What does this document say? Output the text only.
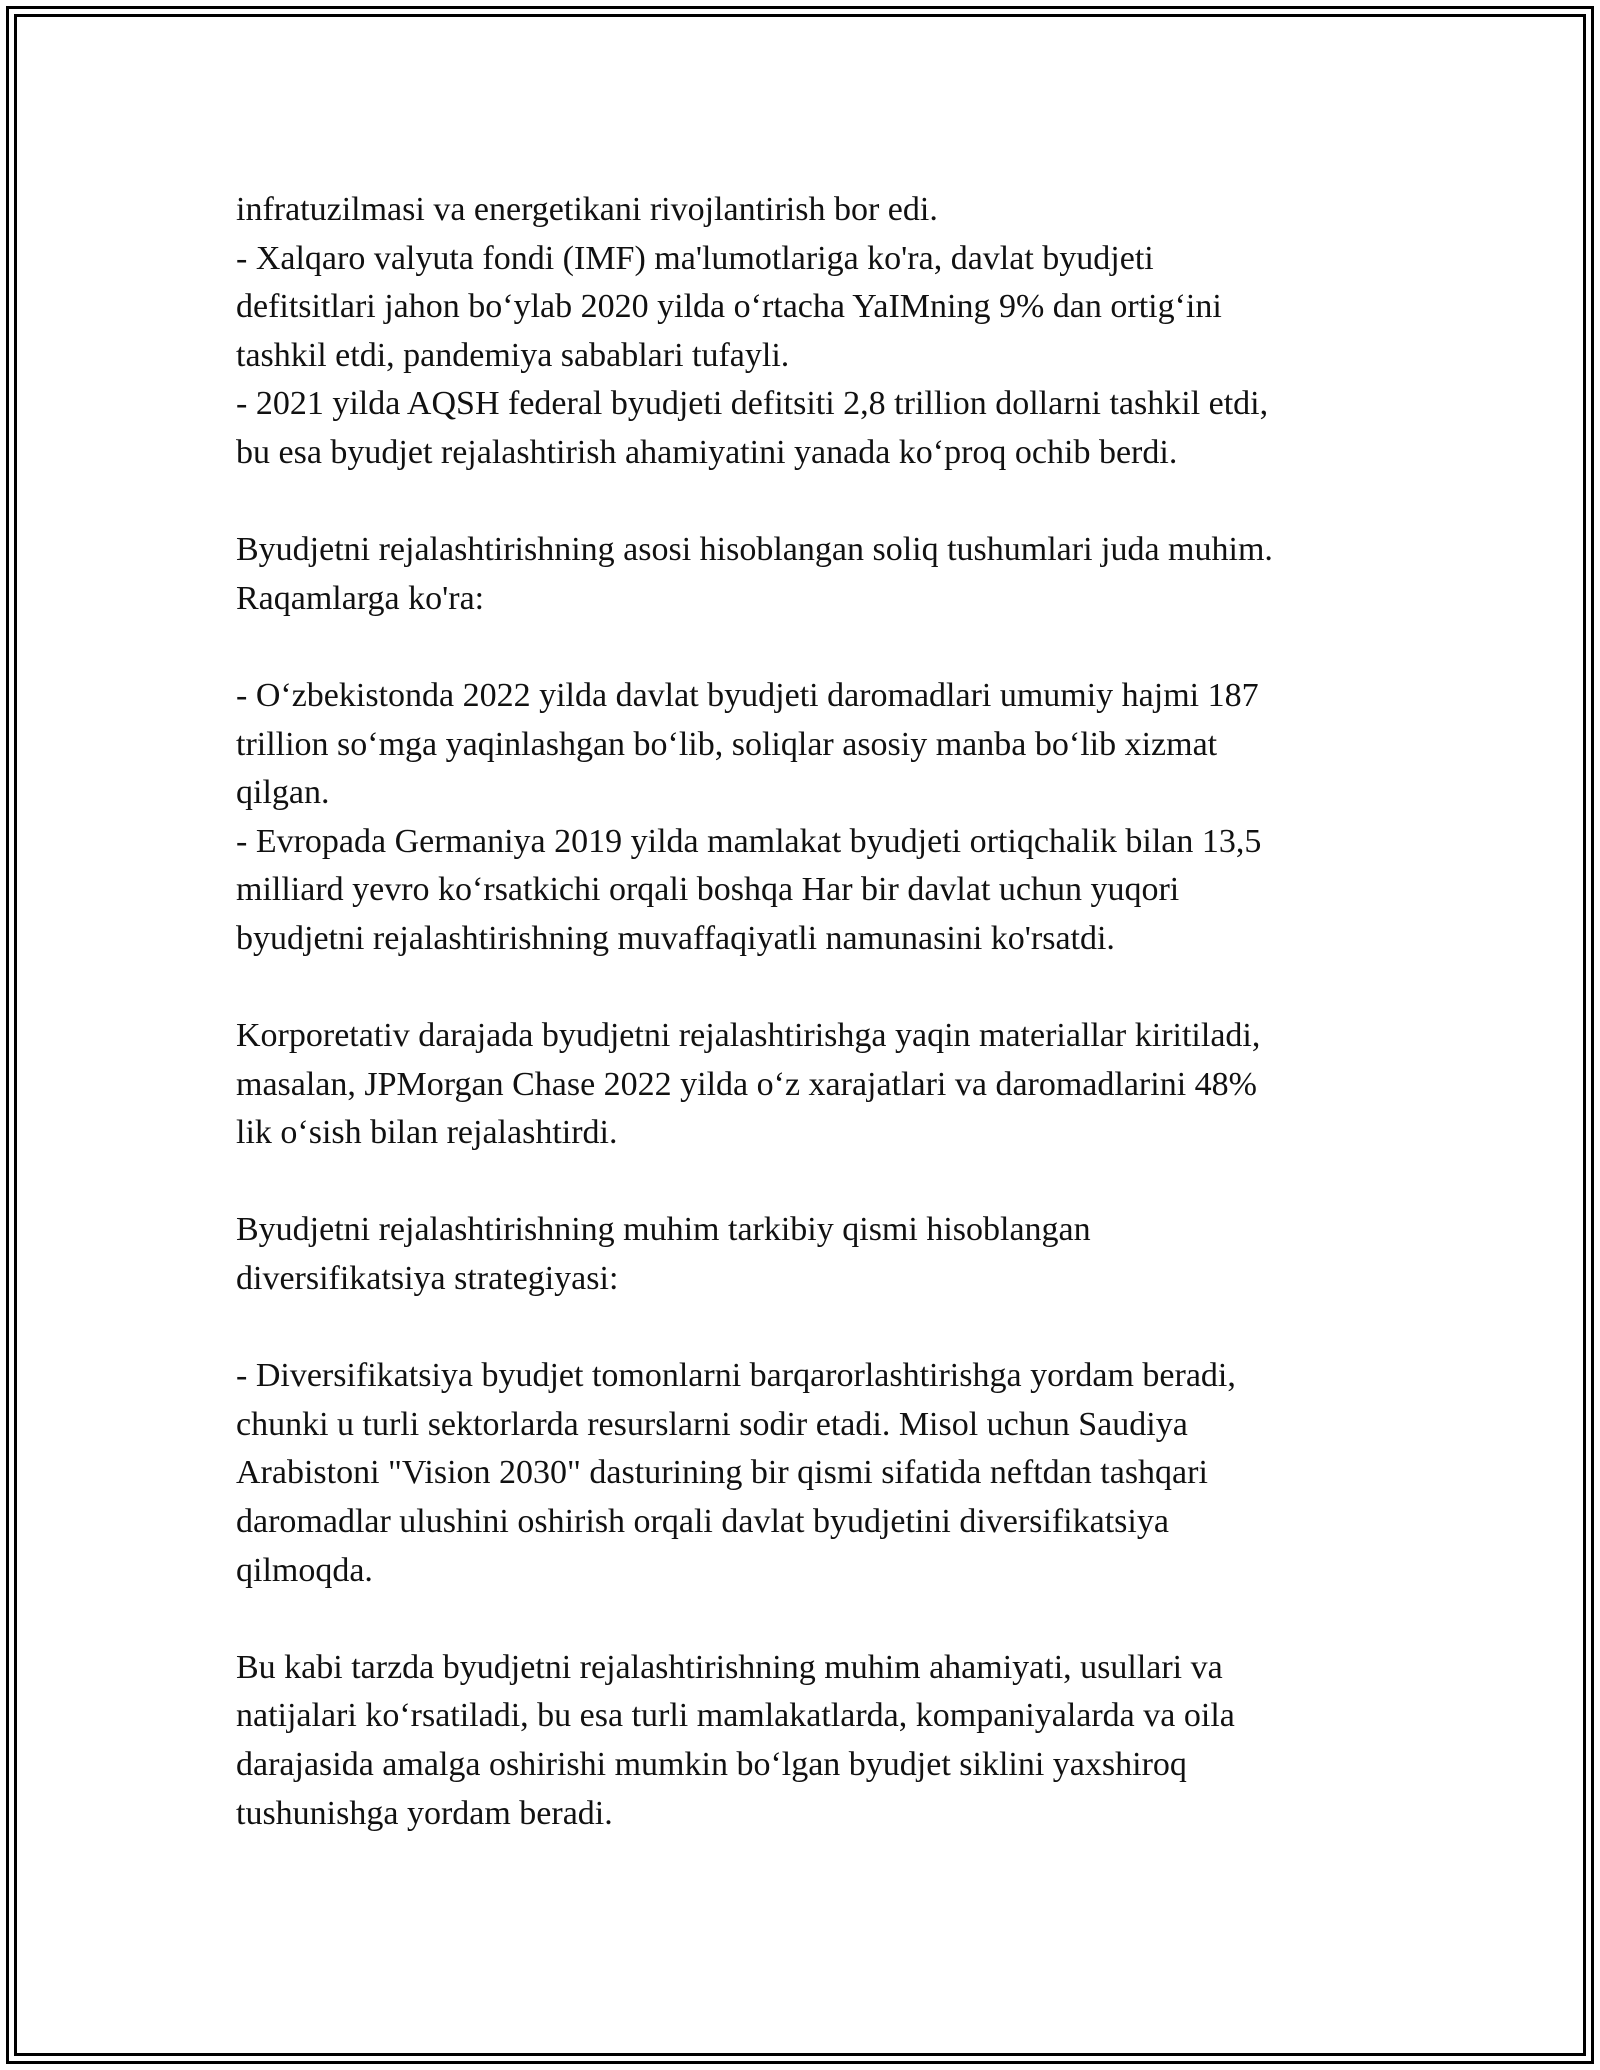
infratuzilmasi va energetikani rivojlantirish bor edi.
- Xalqaro valyuta fondi (IMF) ma'lumotlariga ko'ra, davlat byudjeti
defitsitlari jahon bo‘ylab 2020 yilda o‘rtacha YaIMning 9% dan ortig‘ini
tashkil etdi, pandemiya sabablari tufayli.
- 2021 yilda AQSH federal byudjeti defitsiti 2,8 trillion dollarni tashkil etdi,
bu esa byudjet rejalashtirish ahamiyatini yanada ko‘proq ochib berdi.
Byudjetni rejalashtirishning asosi hisoblangan soliq tushumlari juda muhim.
Raqamlarga ko'ra:
- O‘zbekistonda 2022 yilda davlat byudjeti daromadlari umumiy hajmi 187
trillion so‘mga yaqinlashgan bo‘lib, soliqlar asosiy manba bo‘lib xizmat
qilgan.
- Evropada Germaniya 2019 yilda mamlakat byudjeti ortiqchalik bilan 13,5
milliard yevro ko‘rsatkichi orqali boshqa Har bir davlat uchun yuqori
byudjetni rejalashtirishning muvaffaqiyatli namunasini ko'rsatdi.
Korporetativ darajada byudjetni rejalashtirishga yaqin materiallar kiritiladi,
masalan, JPMorgan Chase 2022 yilda o‘z xarajatlari va daromadlarini 48%
lik o‘sish bilan rejalashtirdi.
Byudjetni rejalashtirishning muhim tarkibiy qismi hisoblangan
diversifikatsiya strategiyasi:
- Diversifikatsiya byudjet tomonlarni barqarorlashtirishga yordam beradi,
chunki u turli sektorlarda resurslarni sodir etadi. Misol uchun Saudiya
Arabistoni "Vision 2030" dasturining bir qismi sifatida neftdan tashqari
daromadlar ulushini oshirish orqali davlat byudjetini diversifikatsiya
qilmoqda.
Bu kabi tarzda byudjetni rejalashtirishning muhim ahamiyati, usullari va
natijalari ko‘rsatiladi, bu esa turli mamlakatlarda, kompaniyalarda va oila
darajasida amalga oshirishi mumkin bo‘lgan byudjet siklini yaxshiroq
tushunishga yordam beradi.
